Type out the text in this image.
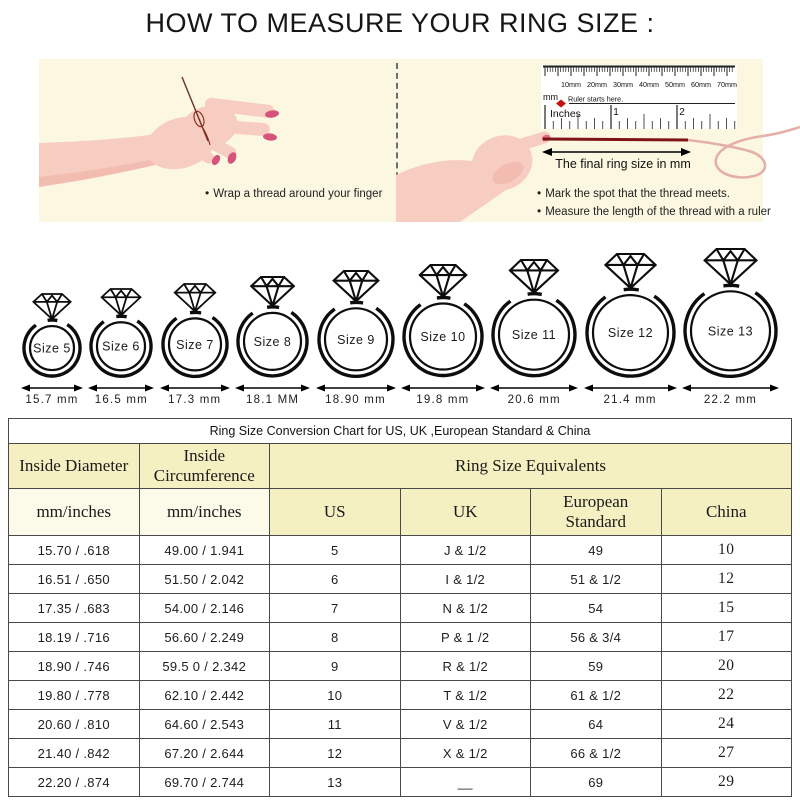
HOW TO MEASURE YOUR RING SIZE :
• Wrap a thread around your finger
10mm 20mm 30mm 40mm 50mm 60mm 70mm
mm Ruler starts here.
Inches	1	2
The final ring size in mm
• Mark the spot that the thread meets.
• Measure the length of the thread with a ruler
Size 5
15.7 mm
Size 6
16.5 mm
Size 7
17.3 mm
Size 8
18.1 MM
Size 9
18.90 mm
Size 10
19.8 mm
Size 11
20.6 mm
Size 12
21.4 mm
Size 13
22.2 mm
Ring Size Conversion Chart for US, UK ,European Standard & China					
Inside Diameter	Inside Circumference	Ring Size Equivalents			
mm/inches	mm/inches	US	UK	European Standard	China
15.70 / .618	49.00 / 1.941	5	J & 1/2	49	10
16.51 / .650	51.50 / 2.042	6	I & 1/2	51 & 1/2	12
17.35 / .683	54.00 / 2.146	7	N & 1/2	54	15
18.19 / .716	56.60 / 2.249	8	P & 1 /2	56 & 3/4	17
18.90 / .746	59.5 0 / 2.342	9	R & 1/2	59	20
19.80 / .778	62.10 / 2.442	10	T & 1/2	61 & 1/2	22
20.60 / .810	64.60 / 2.543	11	V & 1/2	64	24
21.40 / .842	67.20 / 2.644	12	X & 1/2	66 & 1/2	27
22.20 / .874	69.70 / 2.744	13	__	69	29
